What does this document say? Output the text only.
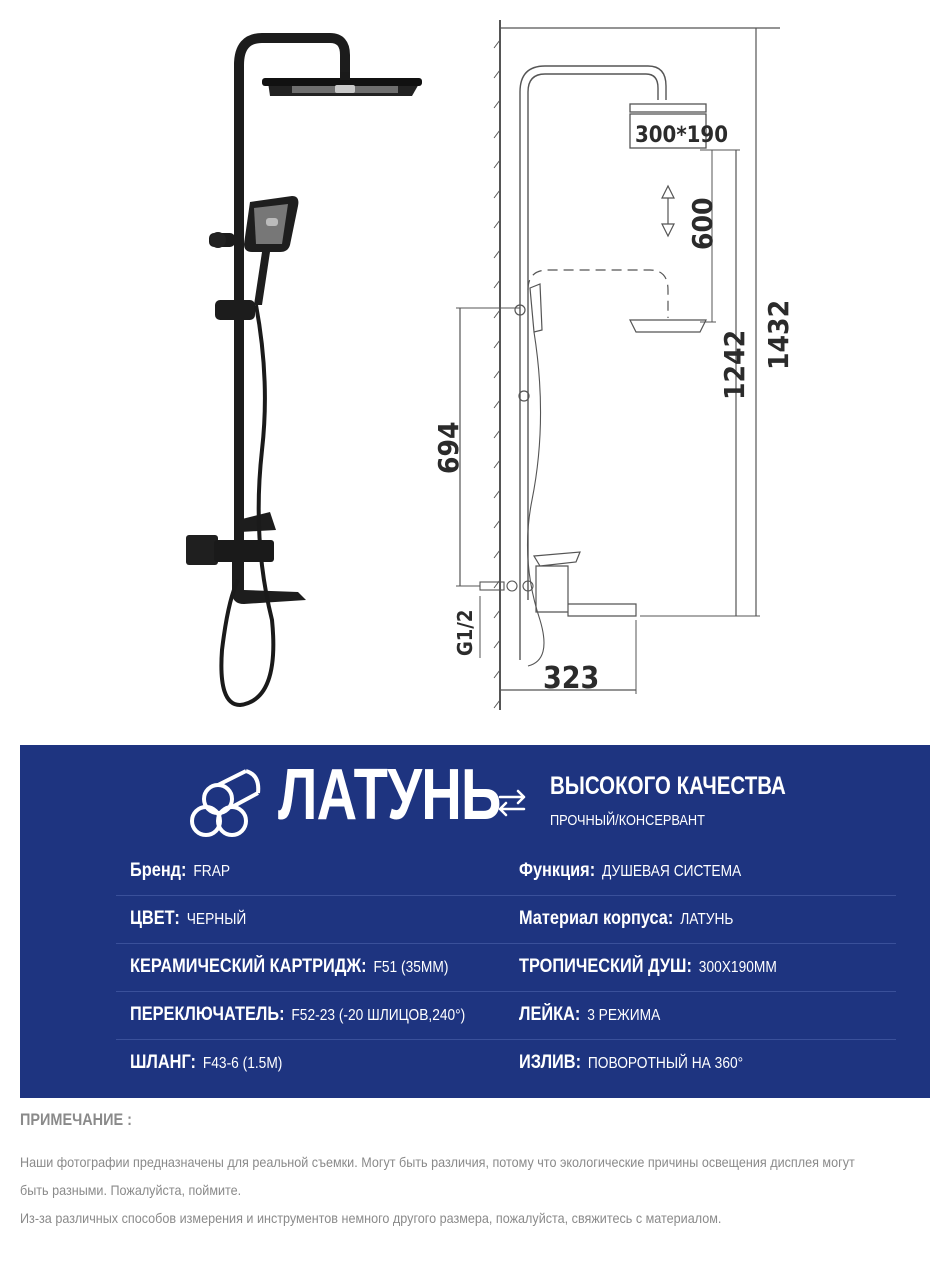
300*190
600
1432
1242
694
G1/2
323
ЛАТУНЬ ВЫСОКОГО КАЧЕСТВА
ПРОЧНЫЙ/КОНСЕРВАНТ
Бренд: FRAP	Функция: ДУШЕВАЯ СИСТЕМА
ЦВЕТ: ЧЕРНЫЙ	Материал корпуса: ЛАТУНЬ
КЕРАМИЧЕСКИЙ КАРТРИДЖ: F51 (35ММ)	ТРОПИЧЕСКИЙ ДУШ: 300X190ММ
ПЕРЕКЛЮЧАТЕЛЬ: F52-23 (-20 ШЛИЦОВ,240°)	ЛЕЙКА: 3 РЕЖИМА
ШЛАНГ: F43-6 (1.5M)	ИЗЛИВ: ПОВОРОТНЫЙ НА 360°
ПРИМЕЧАНИЕ :
Наши фотографии предназначены для реальной съемки. Могут быть различия, потому что экологические причины освещения дисплея могут
быть разными. Пожалуйста, поймите.
Из-за различных способов измерения и инструментов немного другого размера, пожалуйста, свяжитесь с материалом.
